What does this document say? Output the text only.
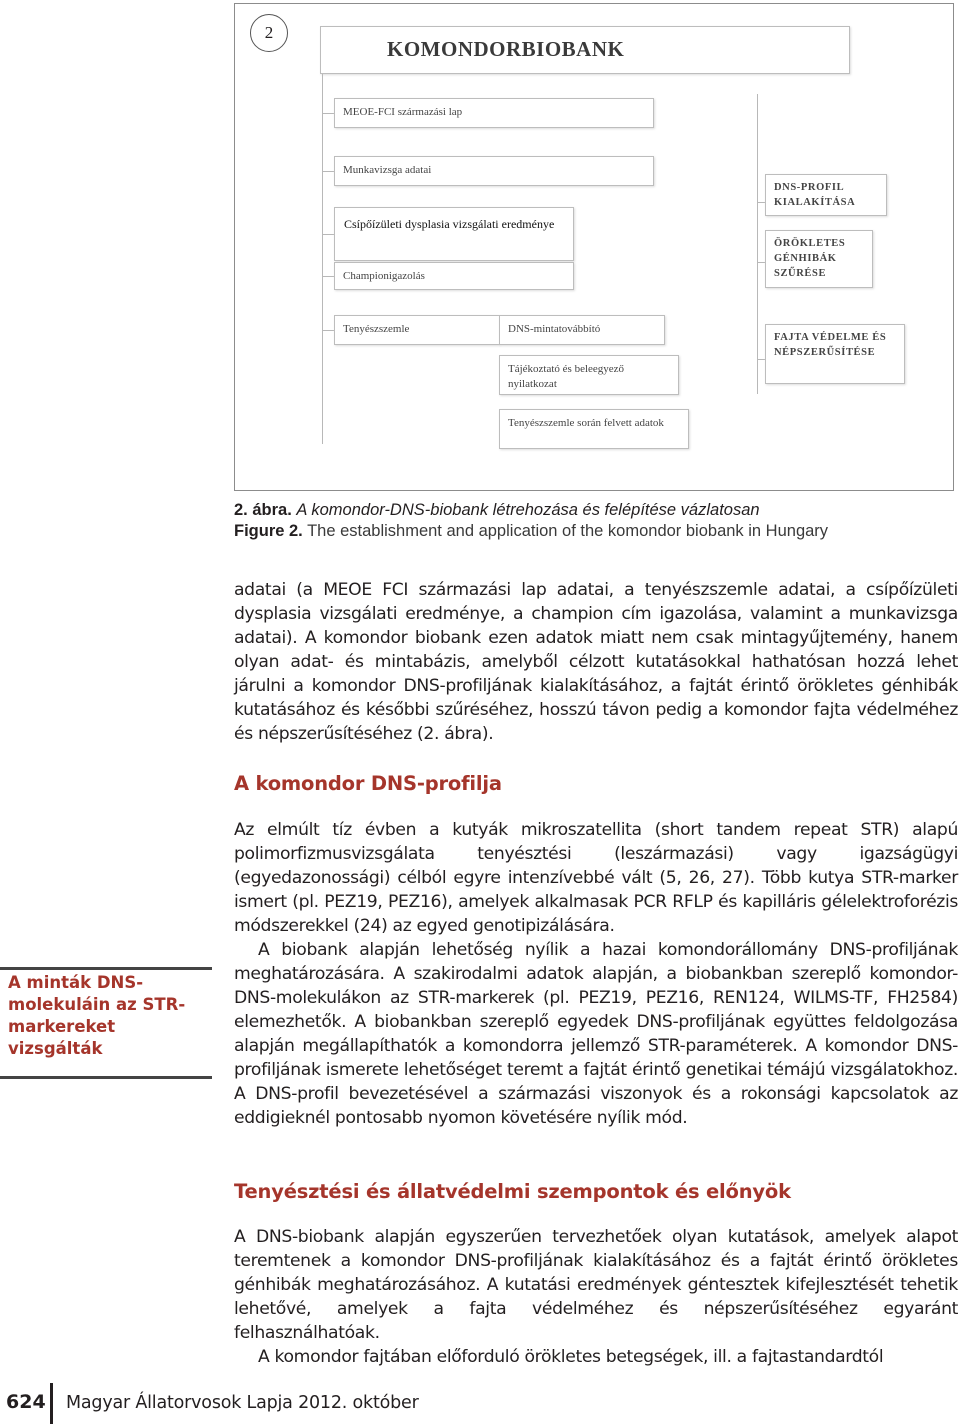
2
KOMONDORBIOBANK
MEOE-FCI származási lap
Munkavizsga adatai
Csípőízületi dysplasia vizsgálati eredménye
Championigazolás
Tenyészszemle	DNS-mintatovábbító
Tájékoztató és beleegyező nyilatkozat
Tenyészszemle során felvett adatok
DNS-PROFIL KIALAKÍTÁSA
ÖRÖKLETES GÉNHIBÁK SZŰRÉSE
FAJTA VÉDELME ÉS NÉPSZERŰSÍTÉSE
2. ábra. A komondor-DNS-biobank létrehozása és felépítése vázlatosan
Figure 2. The establishment and application of the komondor biobank in Hungary

adatai (a MEOE FCI származási lap adatai, a tenyészszemle adatai, a csípőízületi dysplasia vizsgálati eredménye, a champion cím igazolása, valamint a munkavizsga adatai). A komondor biobank ezen adatok miatt nem csak mintagyűjtemény, hanem olyan adat- és mintabázis, amelyből célzott kutatásokkal hathatósan hozzá lehet járulni a komondor DNS-profiljának kialakításához, a fajtát érintő örökletes génhibák kutatásához és későbbi szűréséhez, hosszú távon pedig a komondor fajta védelméhez és népszerűsítéséhez (2. ábra).

A komondor DNS-profilja

Az elmúlt tíz évben a kutyák mikroszatellita (short tandem repeat STR) alapú polimorfizmusvizsgálata tenyésztési (leszármazási) vagy igazságügyi (egyedazonossági) célból egyre intenzívebbé vált (5, 26, 27). Több kutya STR-marker ismert (pl. PEZ19, PEZ16), amelyek alkalmasak PCR RFLP és kapilláris gélelektroforézis módszerekkel (24) az egyed genotipizálására.

A biobank alapján lehetőség nyílik a hazai komondorállomány DNS-profiljának meghatározására. A szakirodalmi adatok alapján, a biobankban szereplő komondor-DNS-molekulákon az STR-markerek (pl. PEZ19, PEZ16, REN124, WILMS-TF, FH2584) elemezhetők. A biobankban szereplő egyedek DNS-profiljának együttes feldolgozása alapján megállapíthatók a komondorra jellemző STR-paraméterek. A komondor DNS-profiljának ismerete lehetőséget teremt a fajtát érintő genetikai témájú vizsgálatokhoz. A DNS-profil bevezetésével a származási viszonyok és a rokonsági kapcsolatok az eddigieknél pontosabb nyomon követésére nyílik mód.

Tenyésztési és állatvédelmi szempontok és előnyök

A DNS-biobank alapján egyszerűen tervezhetőek olyan kutatások, amelyek alapot teremtenek a komondor DNS-profiljának kialakításához és a fajtát érintő örökletes génhibák meghatározásához. A kutatási eredmények géntesztek kifejlesztését tehetik lehetővé, amelyek a fajta védelméhez és népszerűsítéséhez egyaránt felhasználhatóak.

A komondor fajtában előforduló örökletes betegségek, ill. a fajtastandardtól

A minták DNS-molekuláin az STR-markereket vizsgálták
624 Magyar Állatorvosok Lapja 2012. október
